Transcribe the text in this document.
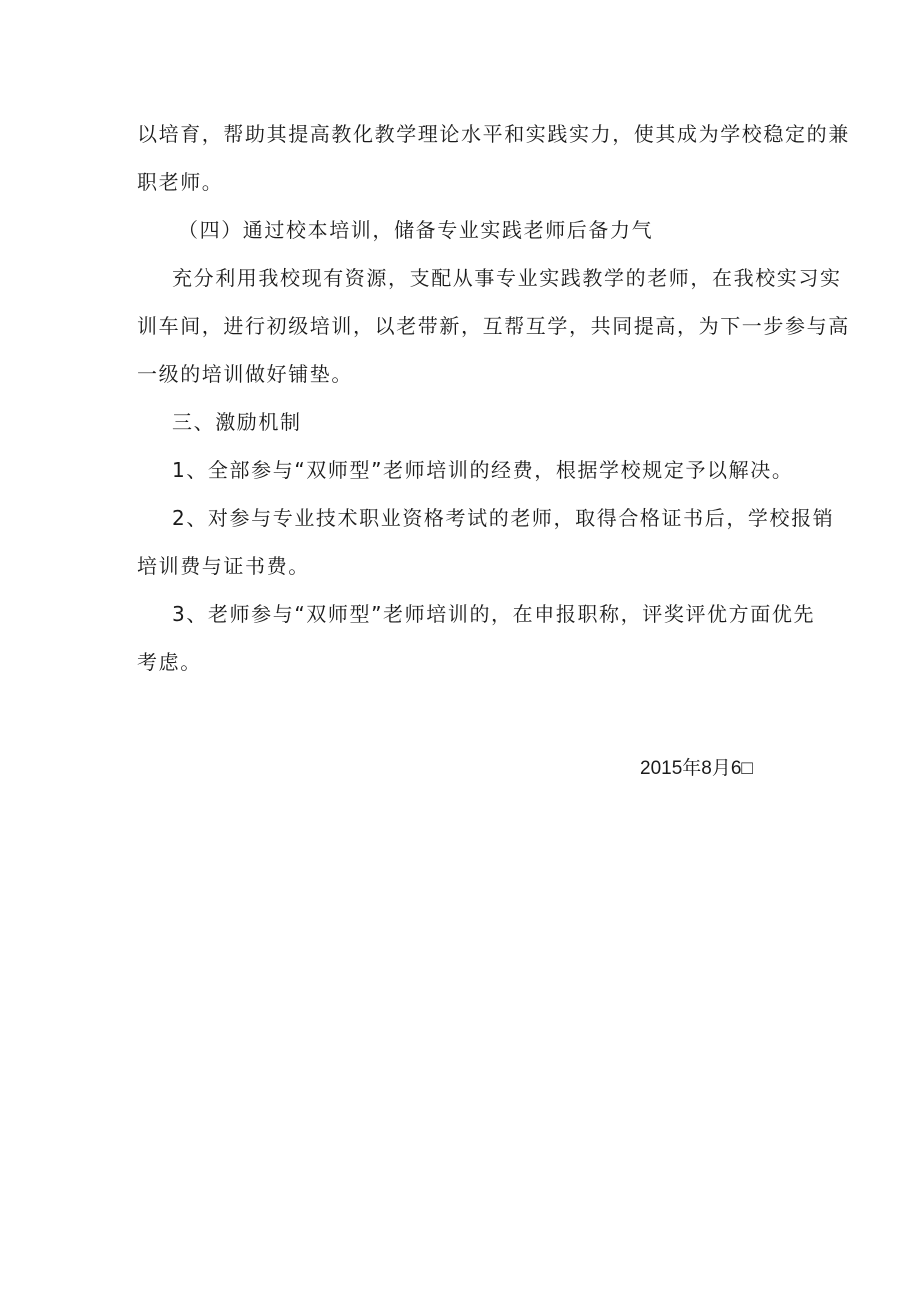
以培育，帮助其提高教化教学理论水平和实践实力，使其成为学校稳定的兼
职老师。
（四）通过校本培训，储备专业实践老师后备力气
充分利用我校现有资源，支配从事专业实践教学的老师，在我校实习实
训车间，进行初级培训，以老带新，互帮互学，共同提高，为下一步参与高
一级的培训做好铺垫。
三、激励机制
1、全部参与“双师型”老师培训的经费，根据学校规定予以解决。
2、对参与专业技术职业资格考试的老师，取得合格证书后，学校报销
培训费与证书费。
3、老师参与“双师型”老师培训的，在申报职称，评奖评优方面优先
考虑。
2015年8月6□
